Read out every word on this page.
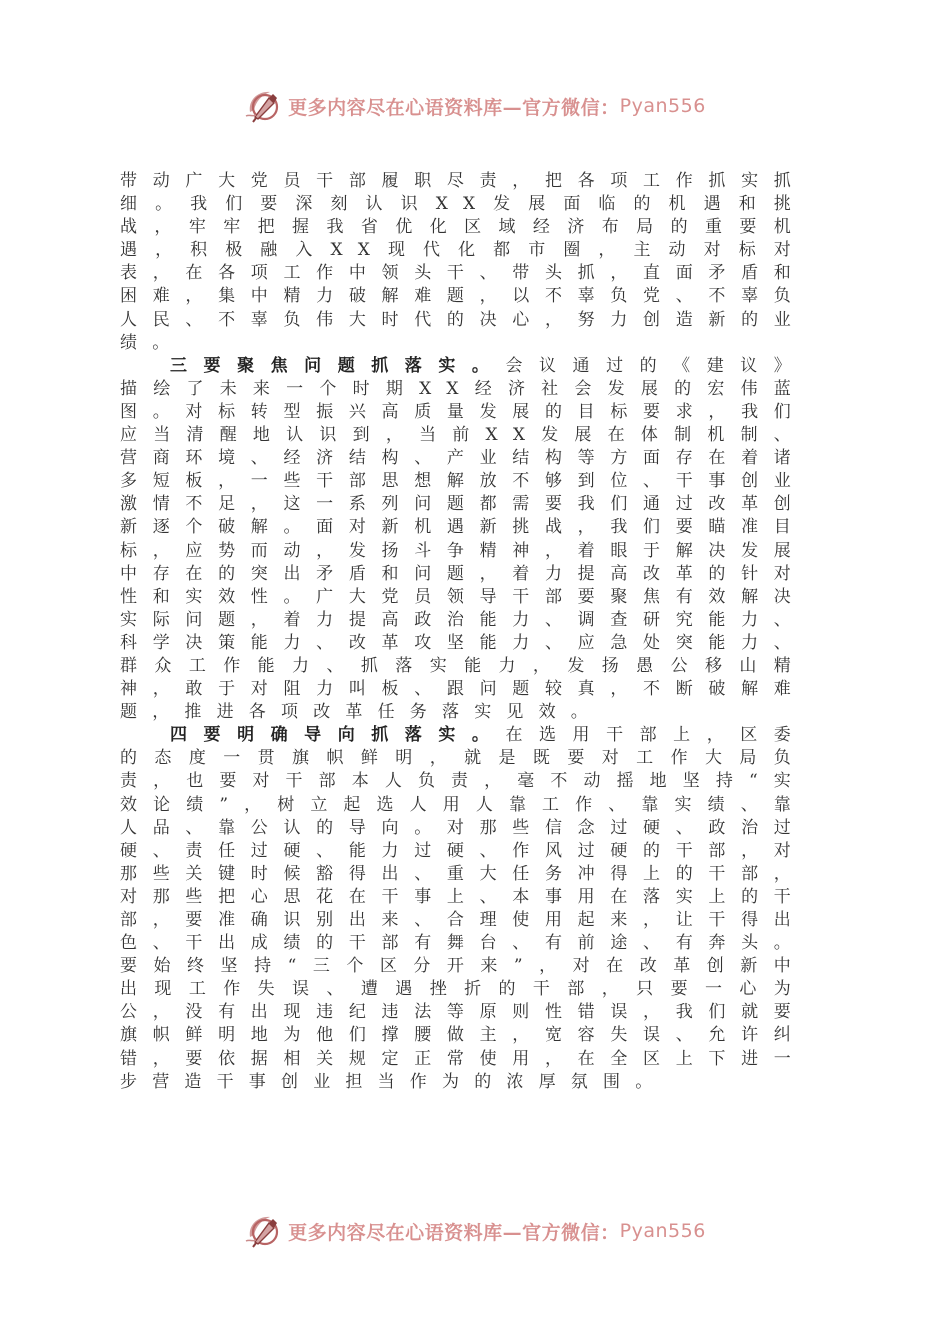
更多内容尽在心语资料库—官方微信： Pyan556

带动广大党员干部履职尽责，把各项工作抓实抓细。我们要深刻认识XX发展面临的机遇和挑战，牢牢把握我省优化区域经济布局的重要机遇，积极融入XX现代化都市圈，主动对标对表，在各项工作中领头干、带头抓，直面矛盾和困难，集中精力破解难题，以不辜负党、不辜负人民、不辜负伟大时代的决心，努力创造新的业绩。

三要聚焦问题抓落实。会议通过的《建议》描绘了未来一个时期XX经济社会发展的宏伟蓝图。对标转型振兴高质量发展的目标要求，我们应当清醒地认识到，当前XX发展在体制机制、营商环境、经济结构、产业结构等方面存在着诸多短板，一些干部思想解放不够到位、干事创业激情不足，这一系列问题都需要我们通过改革创新逐个破解。面对新机遇新挑战，我们要瞄准目标，应势而动，发扬斗争精神，着眼于解决发展中存在的突出矛盾和问题，着力提高改革的针对性和实效性。广大党员领导干部要聚焦有效解决实际问题，着力提高政治能力、调查研究能力、科学决策能力、改革攻坚能力、应急处突能力、群众工作能力、抓落实能力，发扬愚公移山精神，敢于对阻力叫板、跟问题较真，不断破解难题，推进各项改革任务落实见效。

四要明确导向抓落实。在选用干部上，区委的态度一贯旗帜鲜明，就是既要对工作大局负责，也要对干部本人负责，毫不动摇地坚持“实效论绩”，树立起选人用人靠工作、靠实绩、靠人品、靠公认的导向。对那些信念过硬、政治过硬、责任过硬、能力过硬、作风过硬的干部，对那些关键时候豁得出、重大任务冲得上的干部，对那些把心思花在干事上、本事用在落实上的干部，要准确识别出来、合理使用起来，让干得出色、干出成绩的干部有舞台、有前途、有奔头。要始终坚持“三个区分开来”，对在改革创新中出现工作失误、遭遇挫折的干部，只要一心为公，没有出现违纪违法等原则性错误，我们就要旗帜鲜明地为他们撑腰做主，宽容失误、允许纠错，要依据相关规定正常使用，在全区上下进一步营造干事创业担当作为的浓厚氛围。

更多内容尽在心语资料库—官方微信： Pyan556
